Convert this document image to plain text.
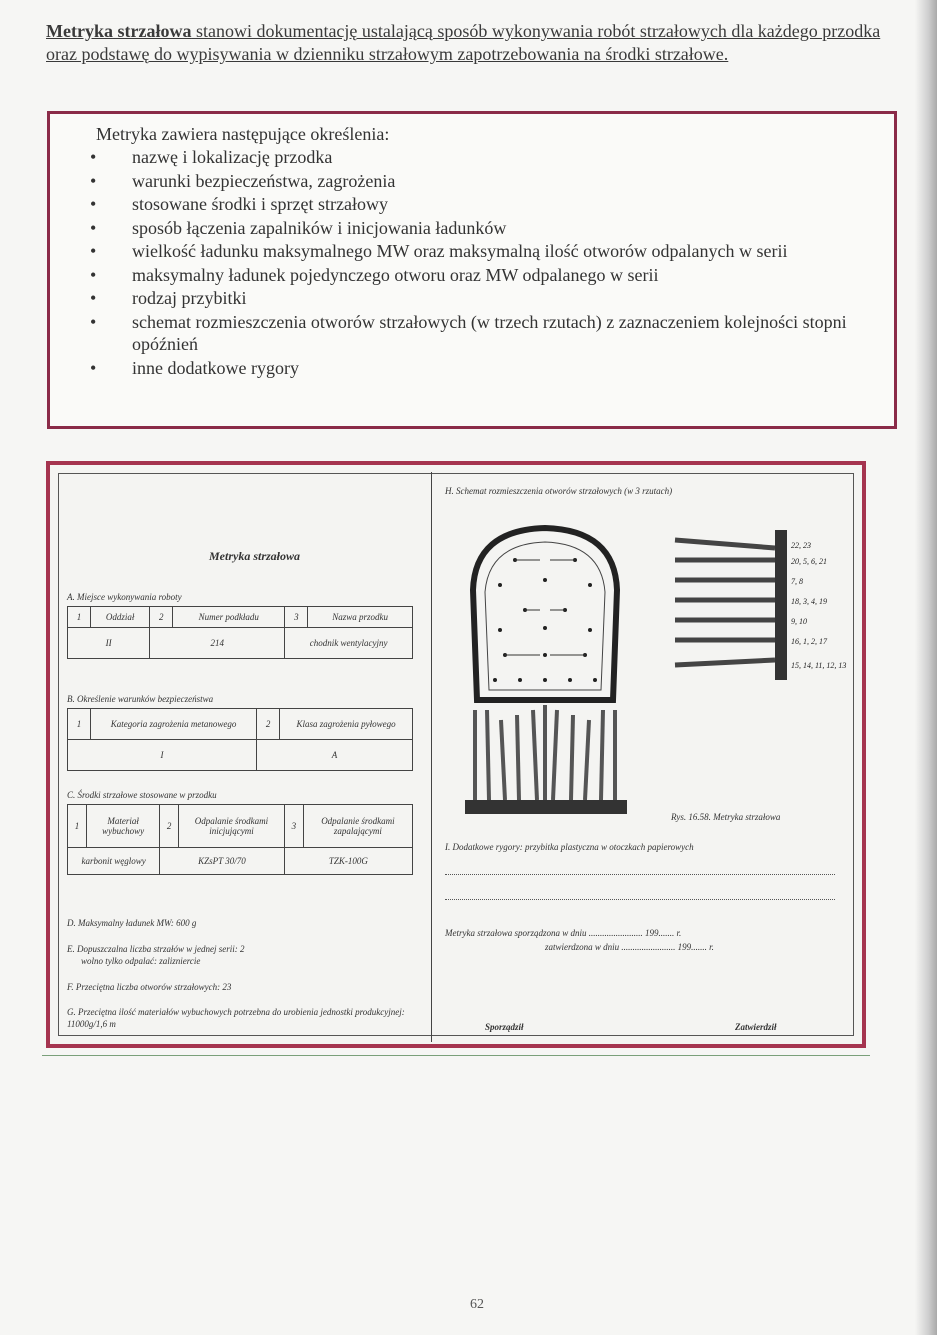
Metryka strzałowa stanowi dokumentację ustalającą sposób wykonywania robót strzałowych dla każdego przodka oraz podstawę do wypisywania w dzienniku strzałowym zapotrzebowania na środki strzałowe.
Metryka zawiera następujące określenia:
• nazwę i lokalizację przodka
• warunki bezpieczeństwa, zagrożenia
• stosowane środki i sprzęt strzałowy
• sposób łączenia zapalników i inicjowania ładunków
• wielkość ładunku maksymalnego MW oraz maksymalną ilość otworów odpalanych w serii
• maksymalny ładunek pojedynczego otworu oraz MW odpalanego w serii
• rodzaj przybitki
• schemat rozmieszczenia otworów strzałowych (w trzech rzutach) z zaznaczeniem kolejności stopni opóźnień
• inne dodatkowe rygory
Metryka strzałowa
A. Miejsce wykonywania roboty
1	Oddział	2	Numer podkładu	3	Nazwa przodku
II		214		chodnik wentylacyjny	
B. Określenie warunków bezpieczeństwa
1	Kategoria zagrożenia metanowego	2	Klasa zagrożenia pyłowego
I		A	
C. Środki strzałowe stosowane w przodku
1	Materiał wybuchowy	2	Odpalanie środkami inicjującymi	3	Odpalanie środkami zapalającymi
karbonit węglowy		KZsPT 30/70		TZK-100G	
D. Maksymalny ładunek MW: 600 g
E. Dopuszczalna liczba strzałów w jednej serii: 2
wolno tylko odpalać: zalizniercie
F. Przeciętna liczba otworów strzałowych: 23
G. Przeciętna ilość materiałów wybuchowych potrzebna do urobienia jednostki produkcyjnej: 11000g/1,6 m
H. Schemat rozmieszczenia otworów strzałowych (w 3 rzutach)
22, 23
20, 5, 6, 21
7, 8
18, 3, 4, 19
9, 10
16, 1, 2, 17
15, 14, 11, 12, 13
Rys. 16.58. Metryka strzałowa
I. Dodatkowe rygory: przybitka plastyczna w otoczkach papierowych
Metryka strzałowa sporządzona w dniu ........................ 199....... r.
zatwierdzona w dniu ........................ 199....... r.
Sporządził	Zatwierdził
62
